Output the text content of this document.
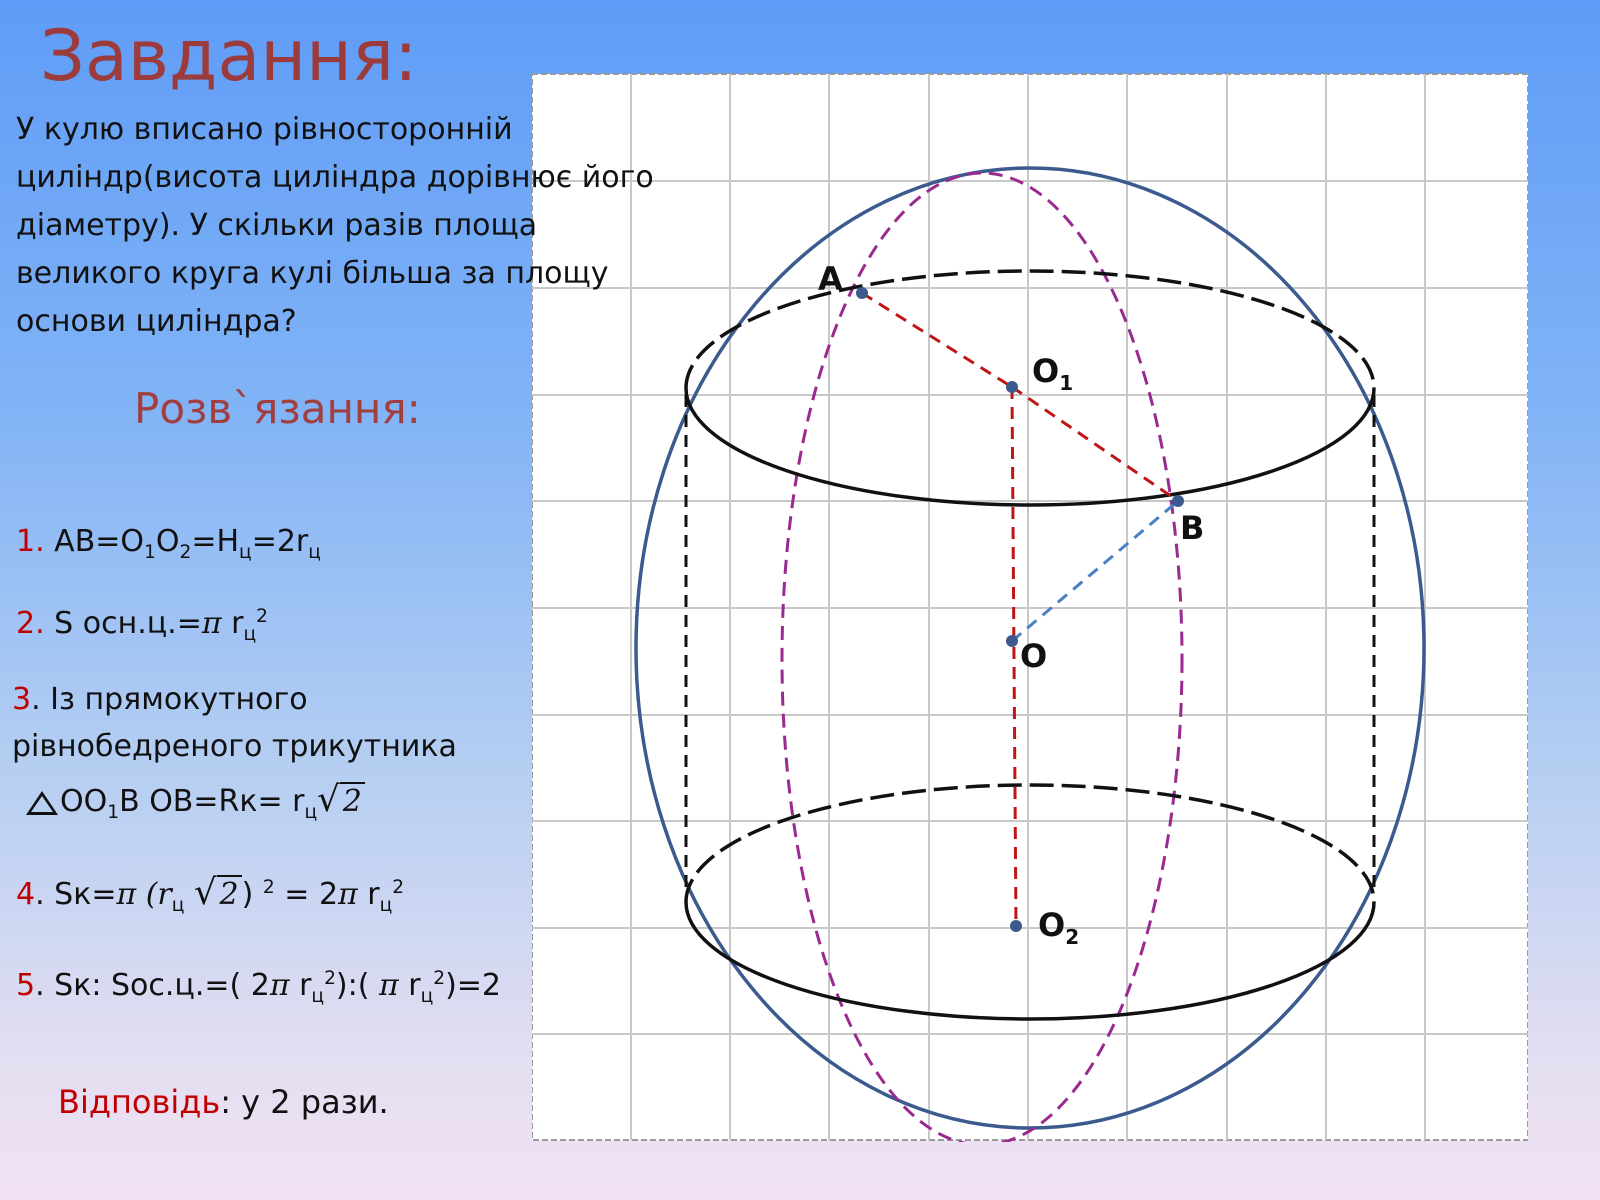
Завдання:
У кулю вписано рівносторонній циліндр(висота циліндра дорівнює його діаметру). У скільки разів площа великого круга кулі більша за площу основи циліндра?
Розв`язання:
1. $AB=O_1O_2=H_ц=2r_ц$
2. S осн.ц.=π $r_ц^2$
3. Із прямокутного
рівнобедреного трикутника
$OO_1B$ $OB=Rк= r_ц√$ 2
4. Sк=π ($r_ц$ √ 2 ) $^2$ = 2π $r_ц^2$
5. Sк: Soc.ц.=( 2π $r_ц^2$):( π $r_ц^2)=2$
Відповідь: у 2 рази.
A
$O_1$
B
O
$O_2$
